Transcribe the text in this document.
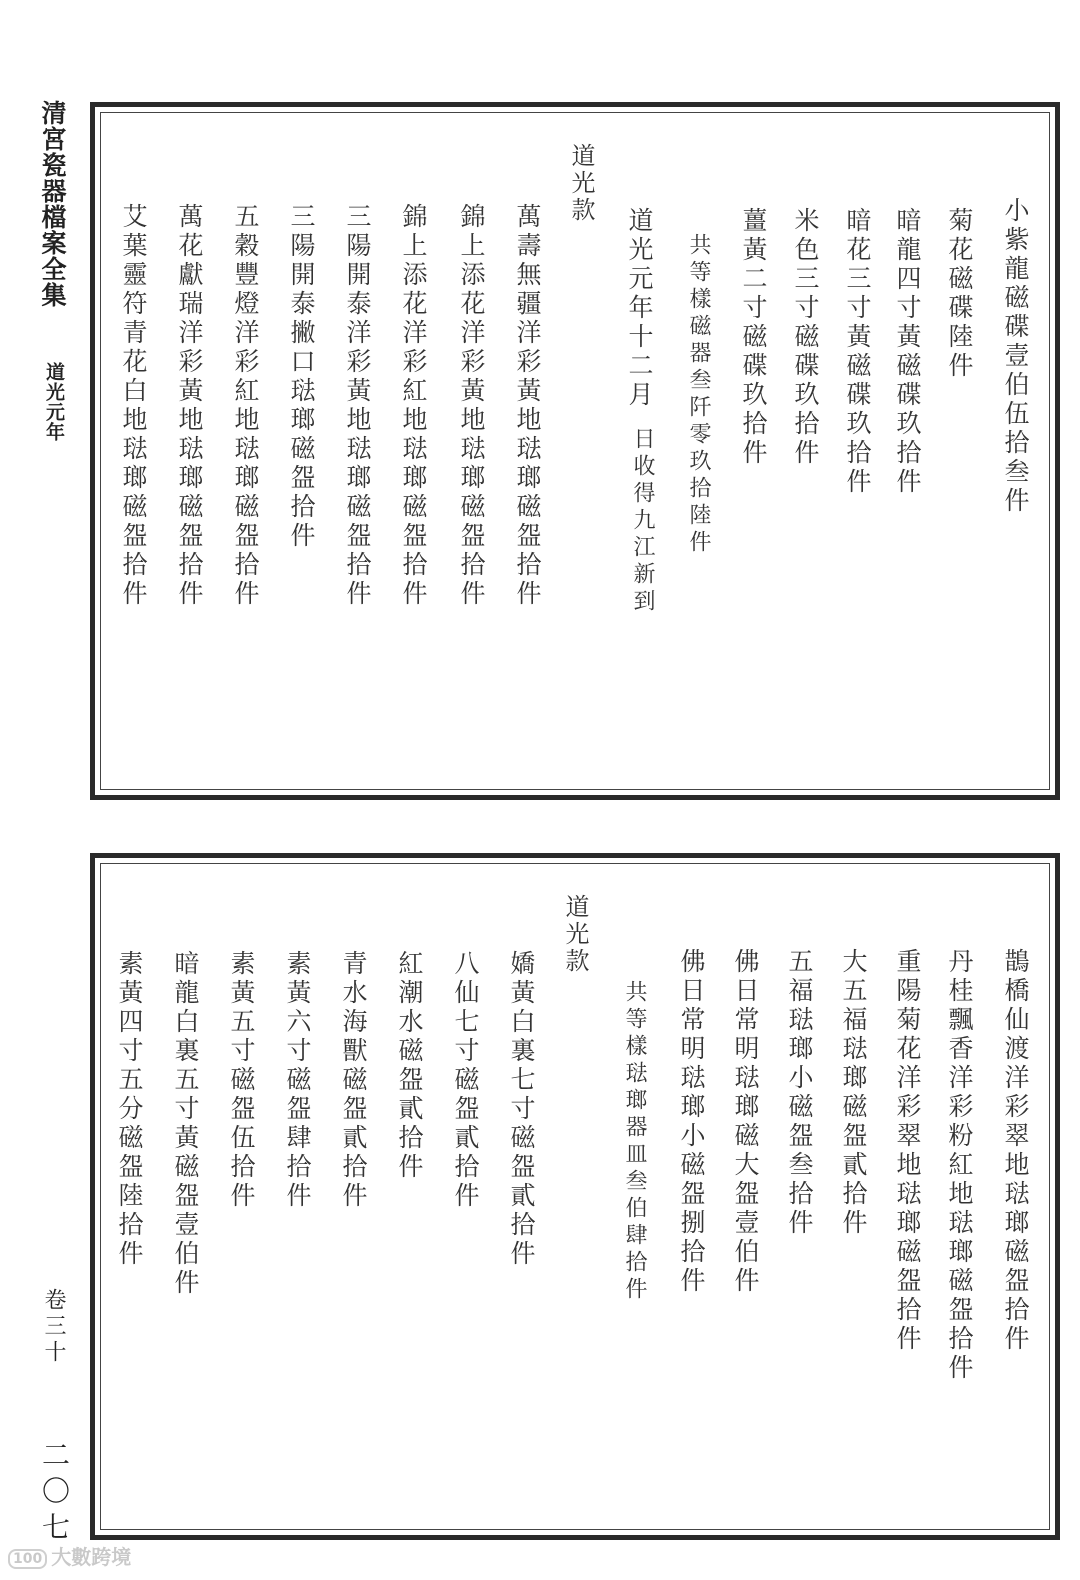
清宮瓷器檔案全集
道光元年
卷三十
二〇七
小紫龍磁碟壹伯伍拾叁件
菊花磁碟陸件
暗龍四寸黃磁碟玖拾件
暗花三寸黃磁碟玖拾件
米色三寸磁碟玖拾件
薑黃二寸磁碟玖拾件
共等樣磁器叁阡零玖拾陸件
道光元年十二月
日收得九江新到
道光款
萬壽無疆洋彩黃地琺瑯磁盌拾件
錦上添花洋彩黃地琺瑯磁盌拾件
錦上添花洋彩紅地琺瑯磁盌拾件
三陽開泰洋彩黃地琺瑯磁盌拾件
三陽開泰撇口琺瑯磁盌拾件
五穀豐燈洋彩紅地琺瑯磁盌拾件
萬花獻瑞洋彩黃地琺瑯磁盌拾件
艾葉靈符青花白地琺瑯磁盌拾件
鵲橋仙渡洋彩翠地琺瑯磁盌拾件
丹桂飄香洋彩粉紅地琺瑯磁盌拾件
重陽菊花洋彩翠地琺瑯磁盌拾件
大五福琺瑯磁盌貳拾件
五福琺瑯小磁盌叁拾件
佛日常明琺瑯磁大盌壹伯件
佛日常明琺瑯小磁盌捌拾件
共等樣琺瑯器皿叁伯肆拾件
道光款
嬌黃白裏七寸磁盌貳拾件
八仙七寸磁盌貳拾件
紅潮水磁盌貳拾件
青水海獸磁盌貳拾件
素黃六寸磁盌肆拾件
素黃五寸磁盌伍拾件
暗龍白裏五寸黃磁盌壹伯件
素黃四寸五分磁盌陸拾件
100 大數跨境
